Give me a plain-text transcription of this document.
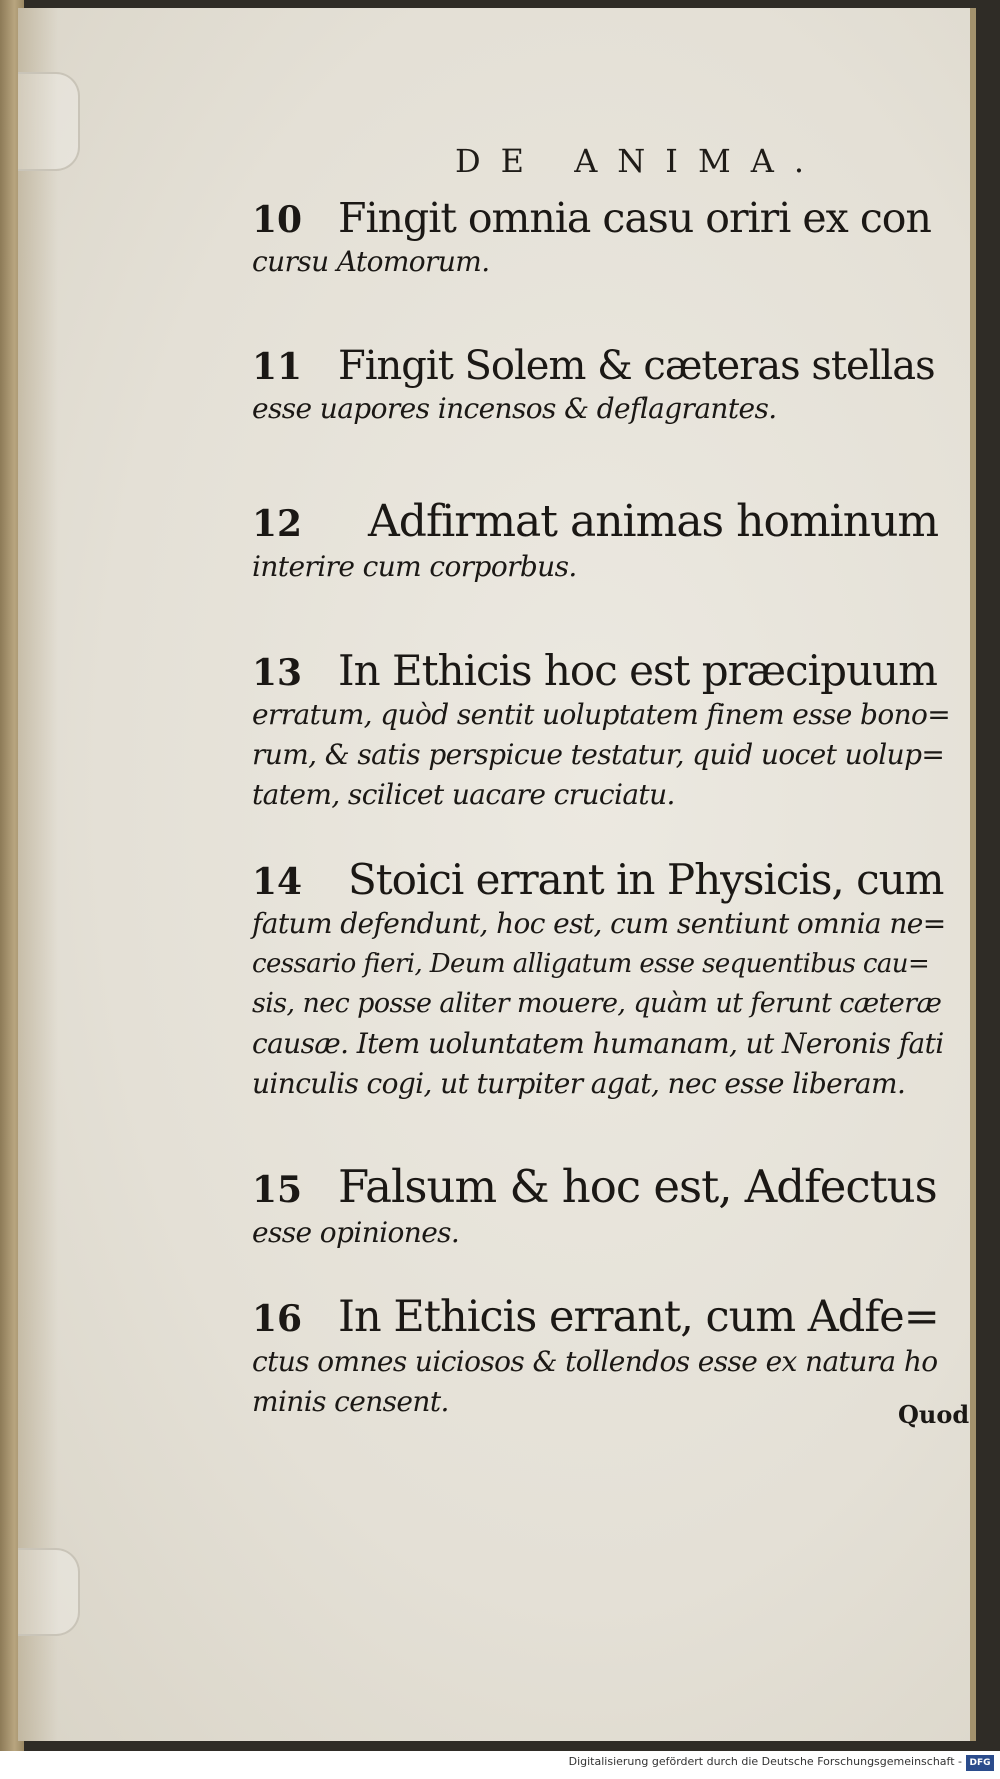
DE ANIMA.
10 Fingit omnia casu oriri ex con
cursu Atomorum.
11 Fingit Solem & cæteras stellas
esse uapores incensos & deflagrantes.
12	Adfirmat animas hominum
interire cum corporbus.
13 In Ethicis hoc est præcipuum
erratum, quòd sentit uoluptatem finem esse bono=
rum, & satis perspicue testatur, quid uocet uolup=
tatem, scilicet uacare cruciatu.
14	Stoici errant in Physicis, cum
fatum defendunt, hoc est, cum sentiunt omnia ne=
cessario fieri, Deum alligatum esse sequentibus cau=
sis, nec posse aliter mouere, quàm ut ferunt cæteræ
causæ. Item uoluntatem humanam, ut Neronis fati
uinculis cogi, ut turpiter agat, nec esse liberam.
15 Falsum & hoc est, Adfectus
esse opiniones.
16 In Ethicis errant, cum Adfe=
ctus omnes uiciosos & tollendos esse ex natura ho
minis censent.	Quod
Digitalisierung gefördert durch die Deutsche Forschungsgemeinschaft - DFG
